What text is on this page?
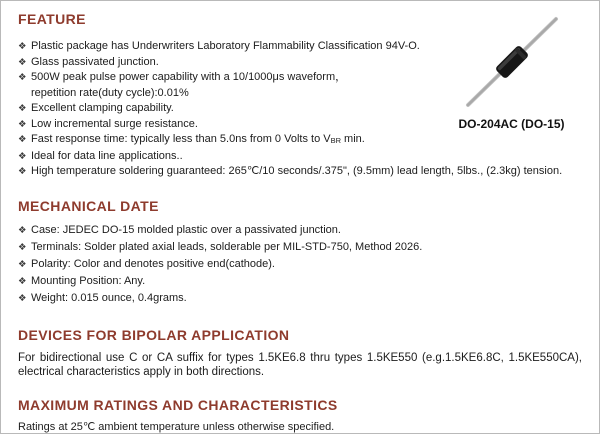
FEATURE
❖ Plastic package has Underwriters Laboratory Flammability Classification 94V-O.
❖ Glass passivated junction.
❖ 500W peak pulse power capability with a 10/1000μs waveform，
repetition rate(duty cycle):0.01%
❖ Excellent clamping capability.
❖ Low incremental surge resistance.
❖ Fast response time: typically less than 5.0ns from 0 Volts to VBR min.
❖ Ideal for data line applications..
❖ High temperature soldering guaranteed: 265℃/10 seconds/.375", (9.5mm) lead length, 5lbs., (2.3kg) tension.
DO-204AC (DO-15)
MECHANICAL DATE
❖ Case: JEDEC DO-15 molded plastic over a passivated junction.
❖ Terminals: Solder plated axial leads, solderable per MIL-STD-750, Method 2026.
❖ Polarity: Color and denotes positive end(cathode).
❖ Mounting Position: Any.
❖ Weight: 0.015 ounce, 0.4grams.
DEVICES FOR BIPOLAR APPLICATION
For bidirectional use C or CA suffix for types 1.5KE6.8 thru types 1.5KE550 (e.g.1.5KE6.8C, 1.5KE550CA), electrical characteristics apply in both directions.
MAXIMUM RATINGS AND CHARACTERISTICS
Ratings at 25℃ ambient temperature unless otherwise specified.
